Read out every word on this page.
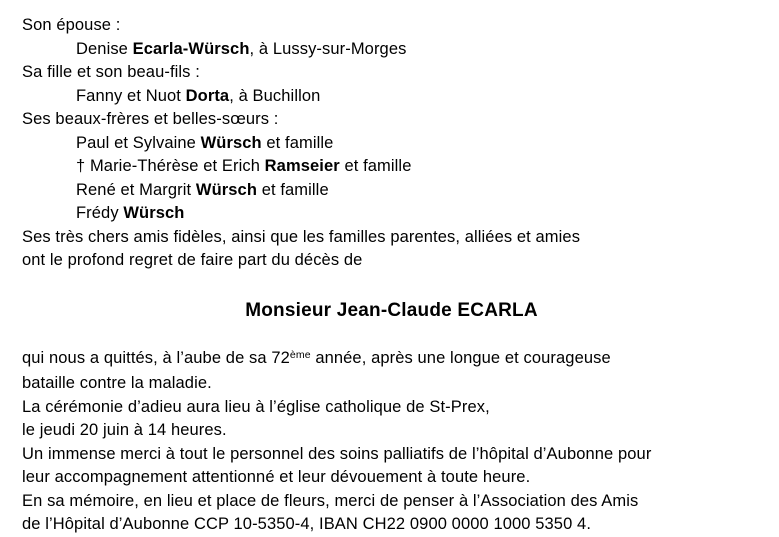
Son épouse :
Denise Ecarla-Würsch, à Lussy-sur-Morges
Sa fille et son beau-fils :
Fanny et Nuot Dorta, à Buchillon
Ses beaux-frères et belles-sœurs :
Paul et Sylvaine Würsch et famille
† Marie-Thérèse et Erich Ramseier et famille
René et Margrit Würsch et famille
Frédy Würsch
Ses très chers amis fidèles, ainsi que les familles parentes, alliées et amies
ont le profond regret de faire part du décès de
Monsieur Jean-Claude ECARLA
qui nous a quittés, à l’aube de sa 72ème année, après une longue et courageuse
bataille contre la maladie.
La cérémonie d’adieu aura lieu à l’église catholique de St-Prex,
le jeudi 20 juin à 14 heures.
Un immense merci à tout le personnel des soins palliatifs de l’hôpital d’Aubonne pour
leur accompagnement attentionné et leur dévouement à toute heure.
En sa mémoire, en lieu et place de fleurs, merci de penser à l’Association des Amis
de l’Hôpital d’Aubonne CCP 10-5350-4, IBAN CH22 0900 0000 1000 5350 4.
